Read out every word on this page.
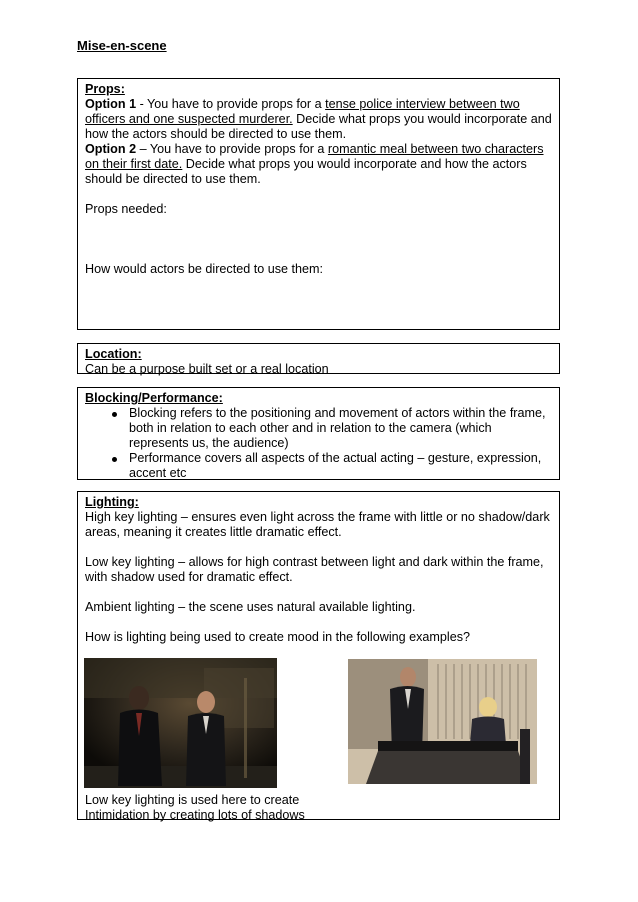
Mise-en-scene

Props:

Option 1 - You have to provide props for a tense police interview between two officers and one suspected murderer. Decide what props you would incorporate and how the actors should be directed to use them.

Option 2 – You have to provide props for a romantic meal between two characters on their first date. Decide what props you would incorporate and how the actors should be directed to use them.

Props needed:

How would actors be directed to use them:

Location:

Can be a purpose built set or a real location

Blocking/Performance:

Blocking refers to the positioning and movement of actors within the frame, both in relation to each other and in relation to the camera (which represents us, the audience)
Performance covers all aspects of the actual acting – gesture, expression, accent etc

Lighting:

High key lighting – ensures even light across the frame with little or no shadow/dark areas, meaning it creates little dramatic effect.

Low key lighting – allows for high contrast between light and dark within the frame, with shadow used for dramatic effect.

Ambient lighting – the scene uses natural available lighting.

How is lighting being used to create mood in the following examples?

Low key lighting is used here to create

Intimidation by creating lots of shadows
